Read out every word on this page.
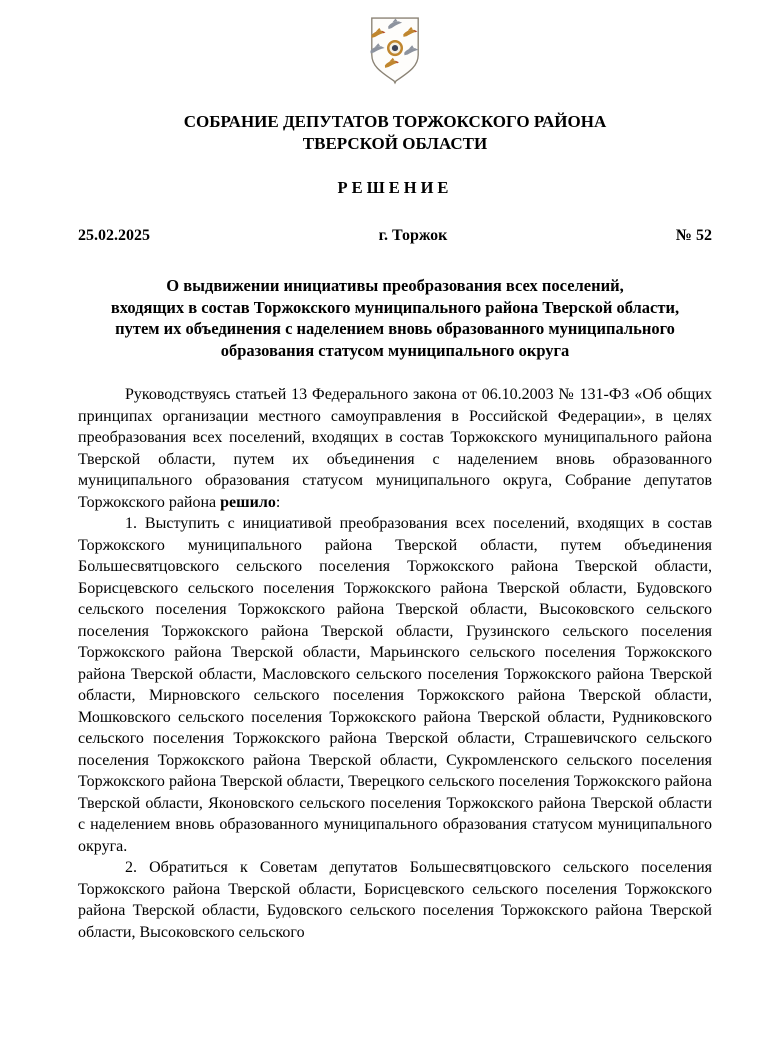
СОБРАНИЕ ДЕПУТАТОВ ТОРЖОКСКОГО РАЙОНА
ТВЕРСКОЙ ОБЛАСТИ
РЕШЕНИЕ
25.02.2025	г. Торжок	№ 52
О выдвижении инициативы преобразования всех поселений,
входящих в состав Торжокского муниципального района Тверской области,
путем их объединения с наделением вновь образованного муниципального
образования статусом муниципального округа

Руководствуясь статьей 13 Федерального закона от 06.10.2003 № 131-ФЗ «Об общих принципах организации местного самоуправления в Российской Федерации», в целях преобразования всех поселений, входящих в состав Торжокского муниципального района Тверской области, путем их объединения с наделением вновь образованного муниципального образования статусом муниципального округа, Собрание депутатов Торжокского района решило:

1. Выступить с инициативой преобразования всех поселений, входящих в состав Торжокского муниципального района Тверской области, путем объединения Большесвятцовского сельского поселения Торжокского района Тверской области, Борисцевского сельского поселения Торжокского района Тверской области, Будовского сельского поселения Торжокского района Тверской области, Высоковского сельского поселения Торжокского района Тверской области, Грузинского сельского поселения Торжокского района Тверской области, Марьинского сельского поселения Торжокского района Тверской области, Масловского сельского поселения Торжокского района Тверской области, Мирновского сельского поселения Торжокского района Тверской области, Мошковского сельского поселения Торжокского района Тверской области, Рудниковского сельского поселения Торжокского района Тверской области, Страшевичского сельского поселения Торжокского района Тверской области, Сукромленского сельского поселения Торжокского района Тверской области, Тверецкого сельского поселения Торжокского района Тверской области, Яконовского сельского поселения Торжокского района Тверской области с наделением вновь образованного муниципального образования статусом муниципального округа.

2. Обратиться к Советам депутатов Большесвятцовского сельского поселения Торжокского района Тверской области, Борисцевского сельского поселения Торжокского района Тверской области, Будовского сельского поселения Торжокского района Тверской области, Высоковского сельского
